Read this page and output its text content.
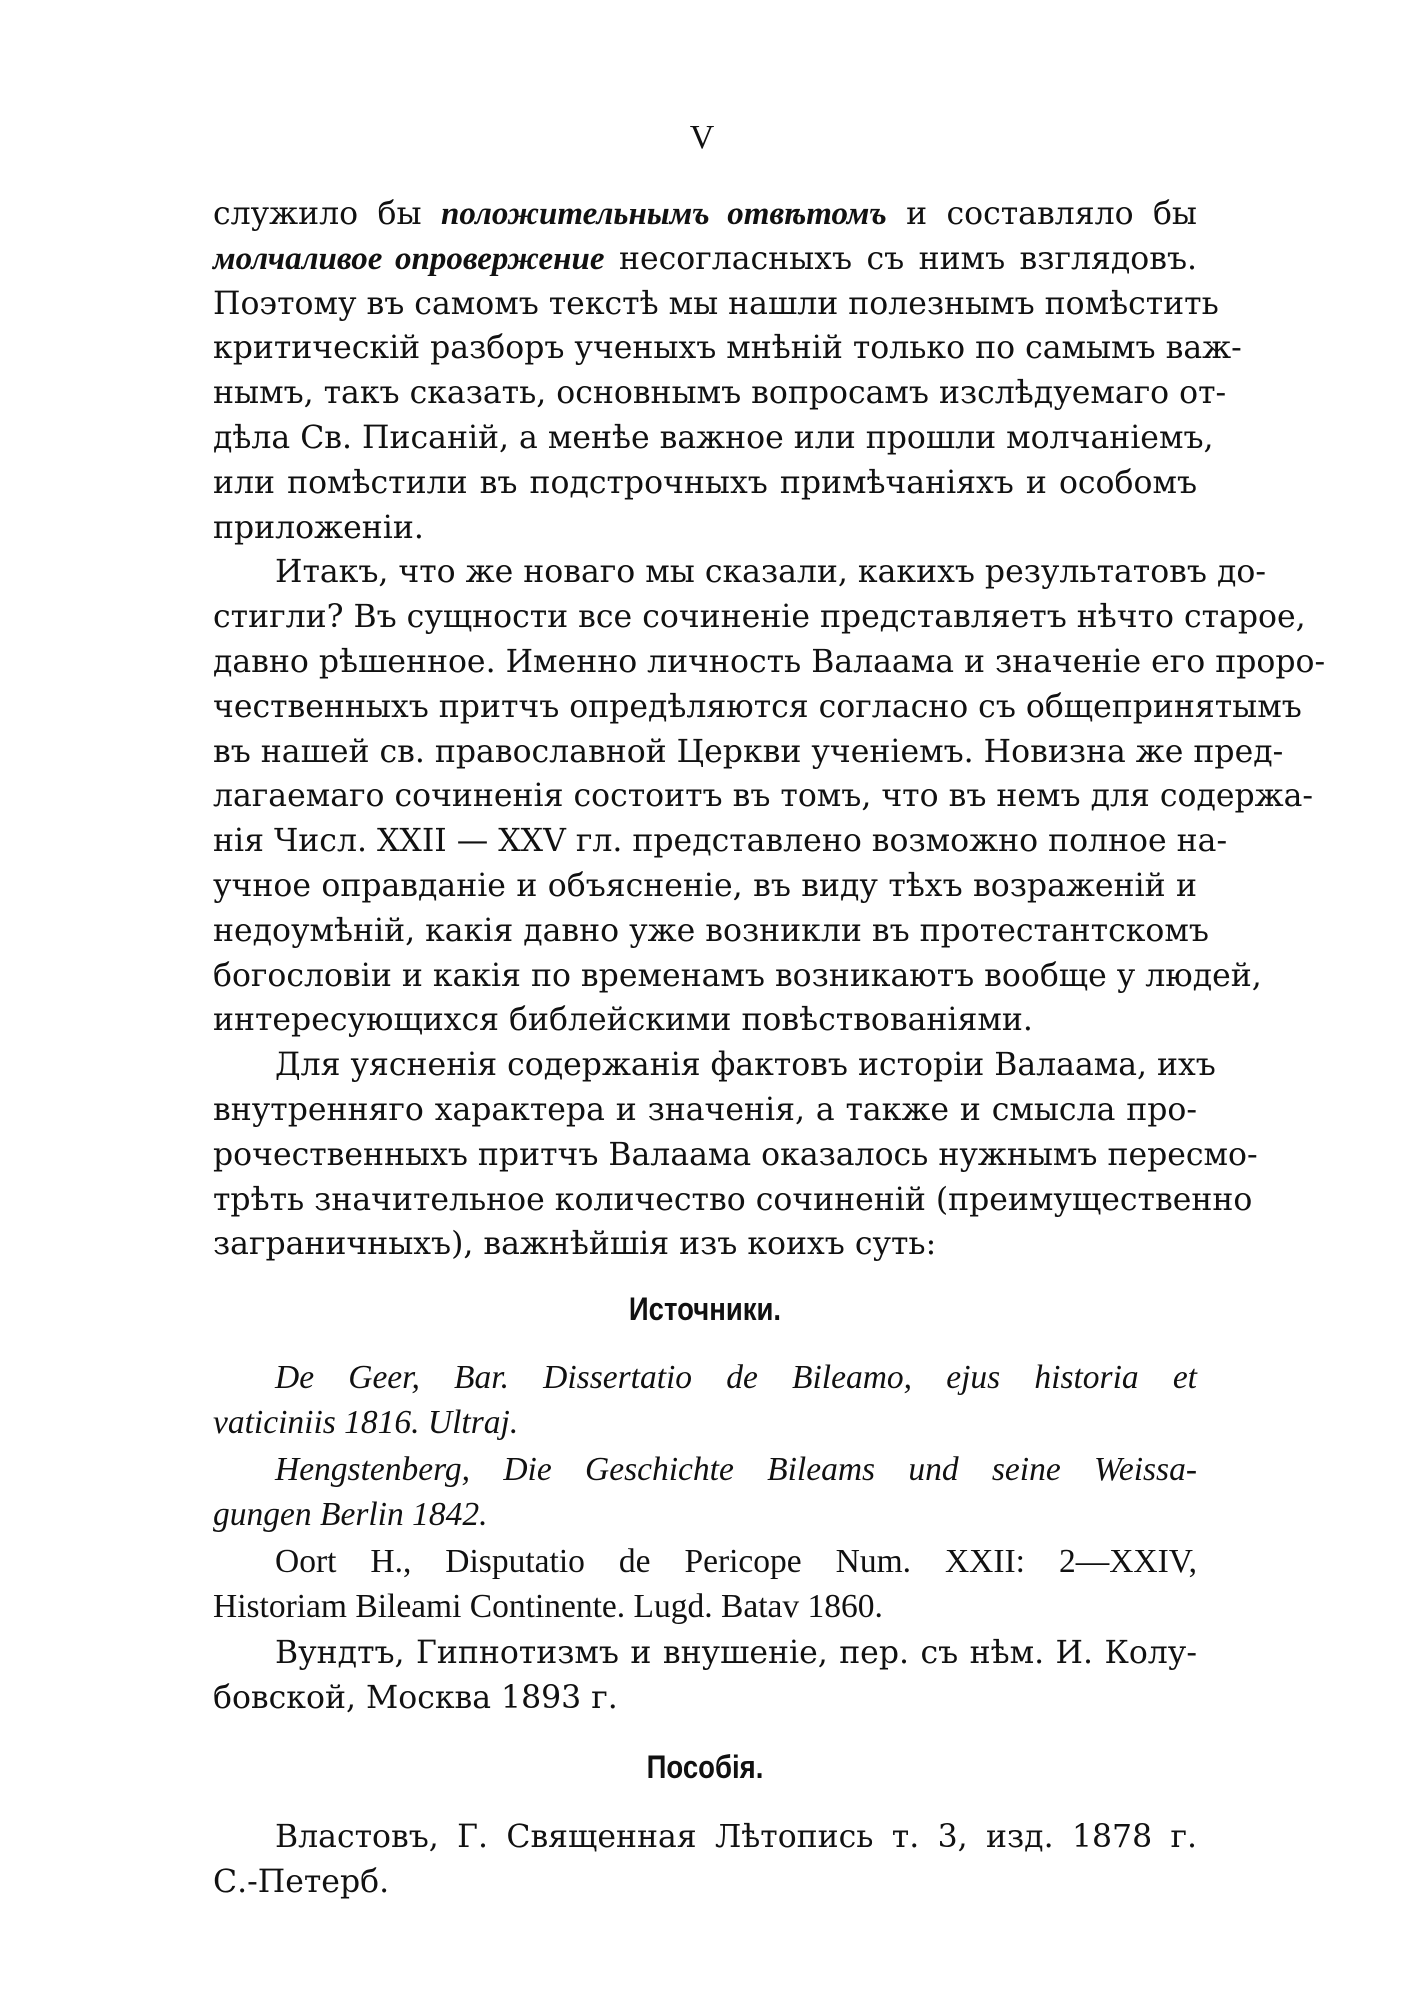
V

служило бы положительнымъ отвѣтомъ и составляло бы
молчаливое опровержение несогласныхъ съ нимъ взглядовъ.
Поэтому въ самомъ текстѣ мы нашли полезнымъ помѣстить
критическій разборъ ученыхъ мнѣній только по самымъ важ-
нымъ, такъ сказать, основнымъ вопросамъ изслѣдуемаго от-
дѣла Св. Писаній, а менѣе важное или прошли молчаніемъ,
или помѣстили въ подстрочныхъ примѣчаніяхъ и особомъ
приложеніи.

Итакъ, что же новаго мы сказали, какихъ результатовъ до-
стигли? Въ сущности все сочиненіе представляетъ нѣчто старое,
давно рѣшенное. Именно личность Валаама и значеніе его проро-
чественныхъ притчъ опредѣляются согласно съ общепринятымъ
въ нашей св. православной Церкви ученіемъ. Новизна же пред-
лагаемаго сочиненія состоитъ въ томъ, что въ немъ для содержа-
нія Числ. XXII — XXV гл. представлено возможно полное на-
учное оправданіе и объясненіе, въ виду тѣхъ возраженій и
недоумѣній, какія давно уже возникли въ протестантскомъ
богословіи и какія по временамъ возникаютъ вообще у людей,
интересующихся библейскими повѣствованіями.

Для уясненія содержанія фактовъ исторіи Валаама, ихъ
внутренняго характера и значенія, а также и смысла про-
рочественныхъ притчъ Валаама оказалось нужнымъ пересмо-
трѣть значительное количество сочиненій (преимущественно
заграничныхъ), важнѣйшія изъ коихъ суть:

Источники.
De Geer, Bar. Dissertatio de Bileamo, ejus historia et
vaticiniis 1816. Ultraj.
Hengstenberg, Die Geschichte Bileams und seine Weissa-
gungen Berlin 1842.
Oort H., Disputatio de Pericope Num. XXII: 2—XXIV,
Historiam Bileami Continente. Lugd. Batav 1860.
Вундтъ, Гипнотизмъ и внушеніе, пер. съ нѣм. И. Колу-
бовской, Москва 1893 г.
Пособія.
Властовъ, Г. Священная Лѣтопись т. 3, изд. 1878 г.
С.-Петерб.
